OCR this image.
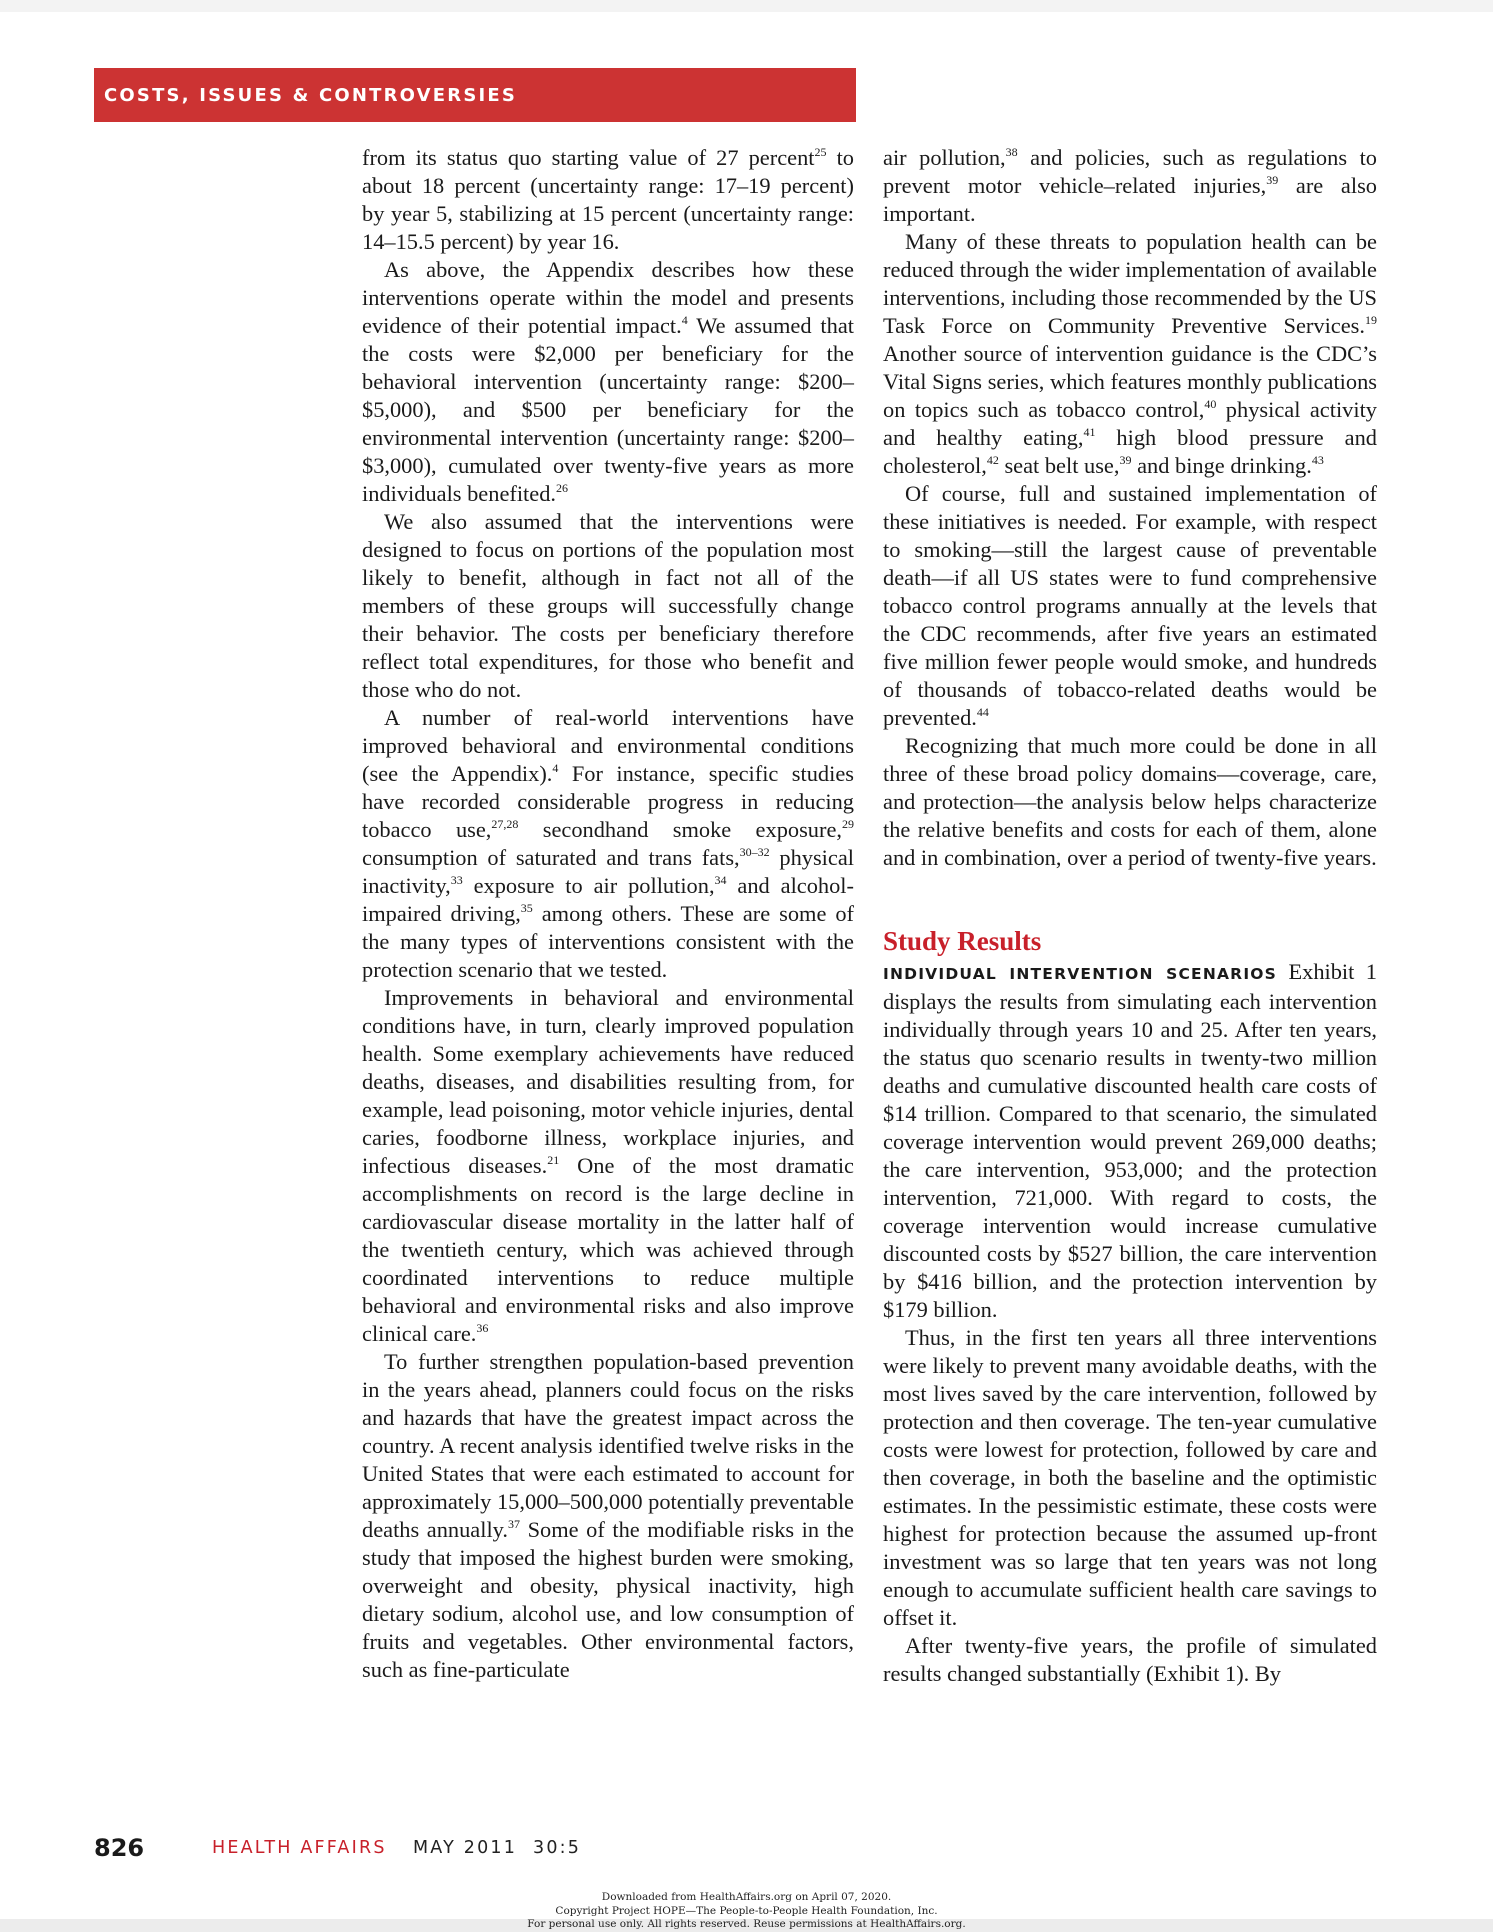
COSTS, ISSUES & CONTROVERSIES

from its status quo starting value of 27 percent$^{25}$ to about 18 percent (uncertainty range: 17–19 percent) by year 5, stabilizing at 15 percent (uncertainty range: 14–15.5 percent) by year 16.

As above, the Appendix describes how these interventions operate within the model and presents evidence of their potential impact.$^4$ We assumed that the costs were $2,000 per beneficiary for the behavioral intervention (uncertainty range: $200–$5,000), and $500 per beneficiary for the environmental intervention (uncertainty range: $200–$3,000), cumulated over twenty-five years as more individuals benefited.$^{26}$

We also assumed that the interventions were designed to focus on portions of the population most likely to benefit, although in fact not all of the members of these groups will successfully change their behavior. The costs per beneficiary therefore reflect total expenditures, for those who benefit and those who do not.

A number of real-world interventions have improved behavioral and environmental conditions (see the Appendix).$^4$ For instance, specific studies have recorded considerable progress in reducing tobacco use,$^{27,28}$ secondhand smoke exposure,$^{29}$ consumption of saturated and trans fats,$^{30-32}$ physical inactivity,$^{33}$ exposure to air pollution,$^{34}$ and alcohol-impaired driving,$^{35}$ among others. These are some of the many types of interventions consistent with the protection scenario that we tested.

Improvements in behavioral and environmental conditions have, in turn, clearly improved population health. Some exemplary achievements have reduced deaths, diseases, and disabilities resulting from, for example, lead poisoning, motor vehicle injuries, dental caries, foodborne illness, workplace injuries, and infectious diseases.$^{21}$ One of the most dramatic accomplishments on record is the large decline in cardiovascular disease mortality in the latter half of the twentieth century, which was achieved through coordinated interventions to reduce multiple behavioral and environmental risks and also improve clinical care.$^{36}$

To further strengthen population-based prevention in the years ahead, planners could focus on the risks and hazards that have the greatest impact across the country. A recent analysis identified twelve risks in the United States that were each estimated to account for approximately 15,000–500,000 potentially preventable deaths annually.$^{37}$ Some of the modifiable risks in the study that imposed the highest burden were smoking, overweight and obesity, physical inactivity, high dietary sodium, alcohol use, and low consumption of fruits and vegetables. Other environmental factors, such as fine-particulate

air pollution,$^{38}$ and policies, such as regulations to prevent motor vehicle–related injuries,$^{39}$ are also important.

Many of these threats to population health can be reduced through the wider implementation of available interventions, including those recommended by the US Task Force on Community Preventive Services.$^{19}$ Another source of intervention guidance is the CDC’s Vital Signs series, which features monthly publications on topics such as tobacco control,$^{40}$ physical activity and healthy eating,$^{41}$ high blood pressure and cholesterol,$^{42}$ seat belt use,$^{39}$ and binge drinking.$^{43}$

Of course, full and sustained implementation of these initiatives is needed. For example, with respect to smoking—still the largest cause of preventable death—if all US states were to fund comprehensive tobacco control programs annually at the levels that the CDC recommends, after five years an estimated five million fewer people would smoke, and hundreds of thousands of tobacco-related deaths would be prevented.$^{44}$

Recognizing that much more could be done in all three of these broad policy domains—coverage, care, and protection—the analysis below helps characterize the relative benefits and costs for each of them, alone and in combination, over a period of twenty-five years.

Study Results

INDIVIDUAL INTERVENTION SCENARIOS Exhibit 1 displays the results from simulating each intervention individually through years 10 and 25. After ten years, the status quo scenario results in twenty-two million deaths and cumulative discounted health care costs of $14 trillion. Compared to that scenario, the simulated coverage intervention would prevent 269,000 deaths; the care intervention, 953,000; and the protection intervention, 721,000. With regard to costs, the coverage intervention would increase cumulative discounted costs by $527 billion, the care intervention by $416 billion, and the protection intervention by $179 billion.

Thus, in the first ten years all three interventions were likely to prevent many avoidable deaths, with the most lives saved by the care intervention, followed by protection and then coverage. The ten-year cumulative costs were lowest for protection, followed by care and then coverage, in both the baseline and the optimistic estimates. In the pessimistic estimate, these costs were highest for protection because the assumed up-front investment was so large that ten years was not long enough to accumulate sufficient health care savings to offset it.

After twenty-five years, the profile of simulated results changed substantially (Exhibit 1). By

826	HEALTH AFFAIRS MAY 2011 30:5
Downloaded from HealthAffairs.org on April 07, 2020.
Copyright Project HOPE—The People-to-People Health Foundation, Inc.
For personal use only. All rights reserved. Reuse permissions at HealthAffairs.org.
